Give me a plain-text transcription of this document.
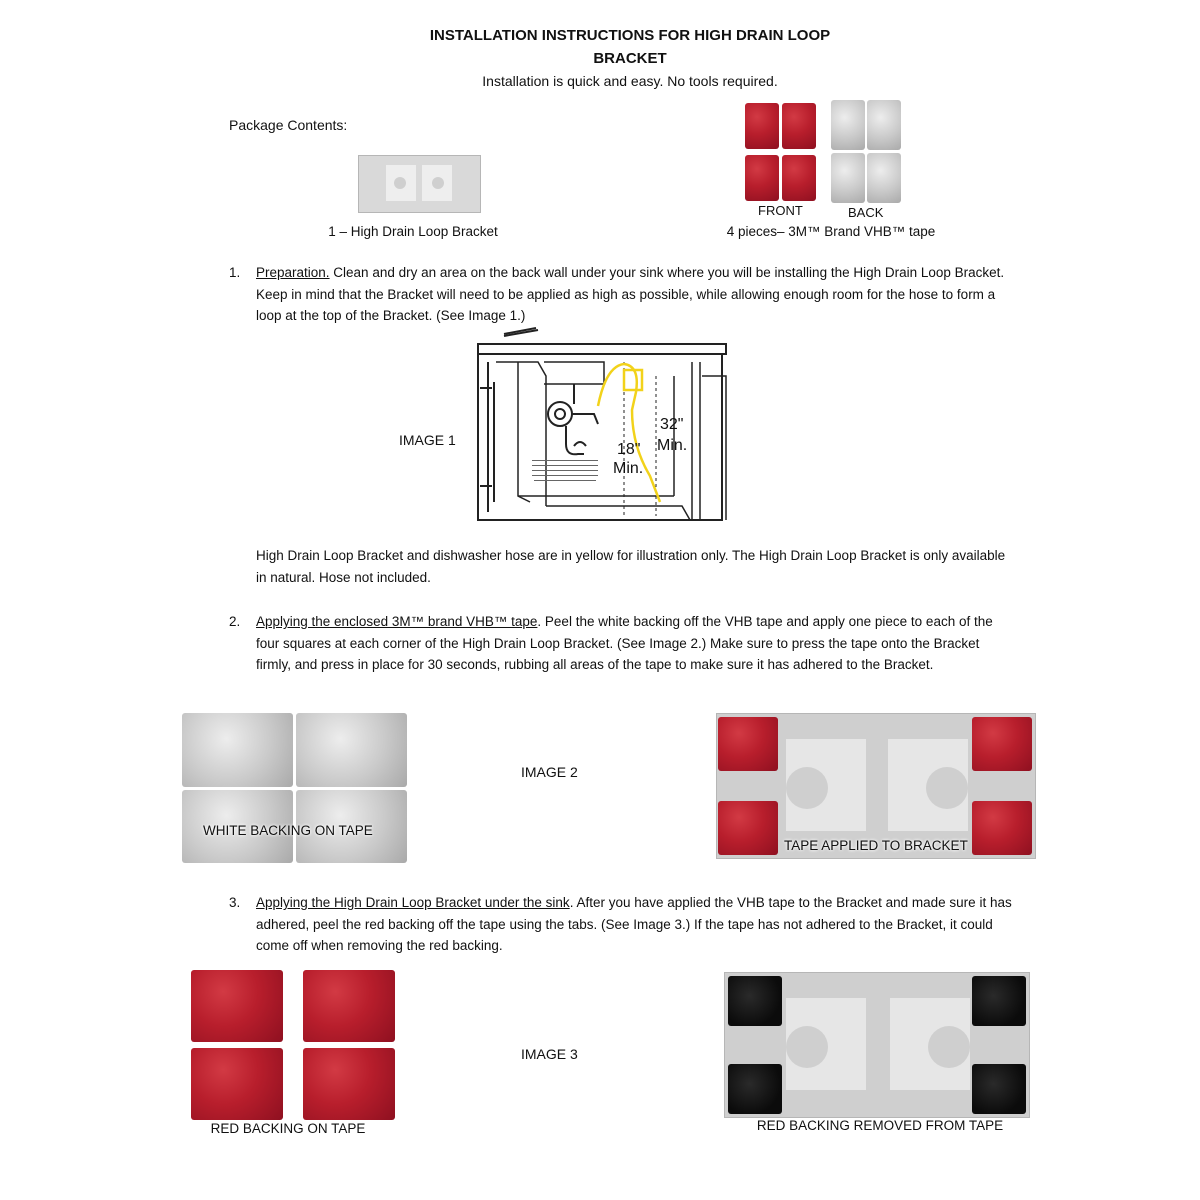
INSTALLATION INSTRUCTIONS FOR HIGH DRAIN LOOP
BRACKET
Installation is quick and easy. No tools required.
Package Contents:
1 – High Drain Loop Bracket
FRONT	BACK
4 pieces– 3M™ Brand VHB™ tape
1. Preparation. Clean and dry an area on the back wall under your sink where you will be installing the High Drain Loop Bracket. Keep in mind that the Bracket will need to be applied as high as possible, while allowing enough room for the hose to form a loop at the top of the Bracket. (See Image 1.)
IMAGE 1
32"
Min.
18"
Min.
High Drain Loop Bracket and dishwasher hose are in yellow for illustration only. The High Drain Loop Bracket is only available in natural. Hose not included.
2. Applying the enclosed 3M™ brand VHB™ tape. Peel the white backing off the VHB tape and apply one piece to each of the four squares at each corner of the High Drain Loop Bracket. (See Image 2.) Make sure to press the tape onto the Bracket firmly, and press in place for 30 seconds, rubbing all areas of the tape to make sure it has adhered to the Bracket.
WHITE BACKING ON TAPE
IMAGE 2
TAPE APPLIED TO BRACKET
3. Applying the High Drain Loop Bracket under the sink. After you have applied the VHB tape to the Bracket and made sure it has adhered, peel the red backing off the tape using the tabs. (See Image 3.) If the tape has not adhered to the Bracket, it could come off when removing the red backing.
RED BACKING ON TAPE
IMAGE 3
RED BACKING REMOVED FROM TAPE
